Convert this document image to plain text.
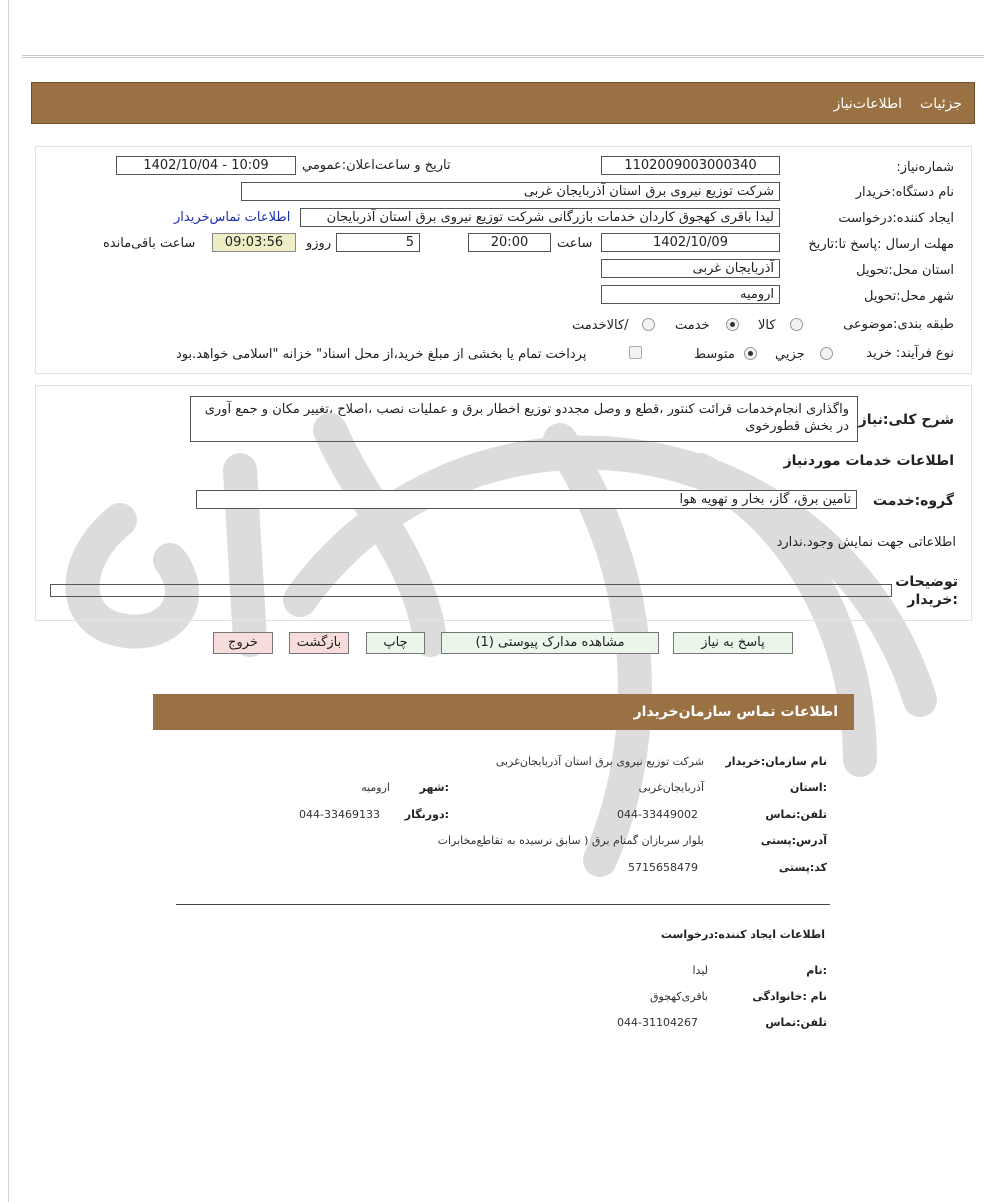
جزئیات
اطلاعات‌نیاز
شماره‌نیاز:
1102009003000340
تاریخ و ساعت‌اعلان‌:عمومي
1402/10/04 - 10:09
نام دستگاه‌:خریدار
شرکت توزیع نیروی برق استان آذربایجان غربی
ایجاد کننده‌:درخواست
لیدا باقری کهجوق کاردان خدمات بازرگانی شرکت توزیع نیروی برق استان آذربایجان
اطلاعات تماس‌خریدار
مهلت ارسال :پاسخ تا:تاریخ
1402/10/09
ساعت
20:00
5
روزو
09:03:56
ساعت باقی‌مانده
استان محل‌:تحویل
آذربایجان غربی
شهر محل‌:تحویل
ارومیه
طبقه بندی‌:موضوعی
کالا
خدمت
/کالاخدمت
نوع فرآیند: خرید
جزیي
متوسط
پرداخت تمام یا بخشی از مبلغ خرید،از محل اسناد" خزانه "اسلامی خواهد.بود
شرح کلی:نیاز
واگذاری انجام‌خدمات قرائت کنتور ،قطع و وصل مجددو توزیع اخطار برق و عملیات نصب ،اصلاح ،تغییر مکان و جمع آوری در بخش قطورخوی
اطلاعات خدمات موردنیاز
گروه‌:خدمت
تامین برق، گاز، بخار و تهویه هوا
اطلاعاتی جهت نمایش وجود.ندارد
توضیحات
:خریدار
پاسخ به نیاز
مشاهده مدارک پیوستی (1)
چاپ
بازگشت
خروج
اطلاعات تماس سازمان‌خریدار
نام سازمان:خریدار
شرکت توزیع نیروی برق استان آذربایجان‌غربی
:استان
آذربایجان‌غربی
:شهر
ارومیه
تلفن:تماس
044-33449002
:دورنگار
044-33469133
آدرس:پستی
بلوار سربازان گمنام برق ( سابق نرسیده به تقاطع‌مخابرات
کد:پستی
5715658479
اطلاعات ایجاد کننده‌:درخواست
:نام
لیدا
نام :خانوادگی
باقری‌کهجوق
تلفن:تماس
044-31104267
